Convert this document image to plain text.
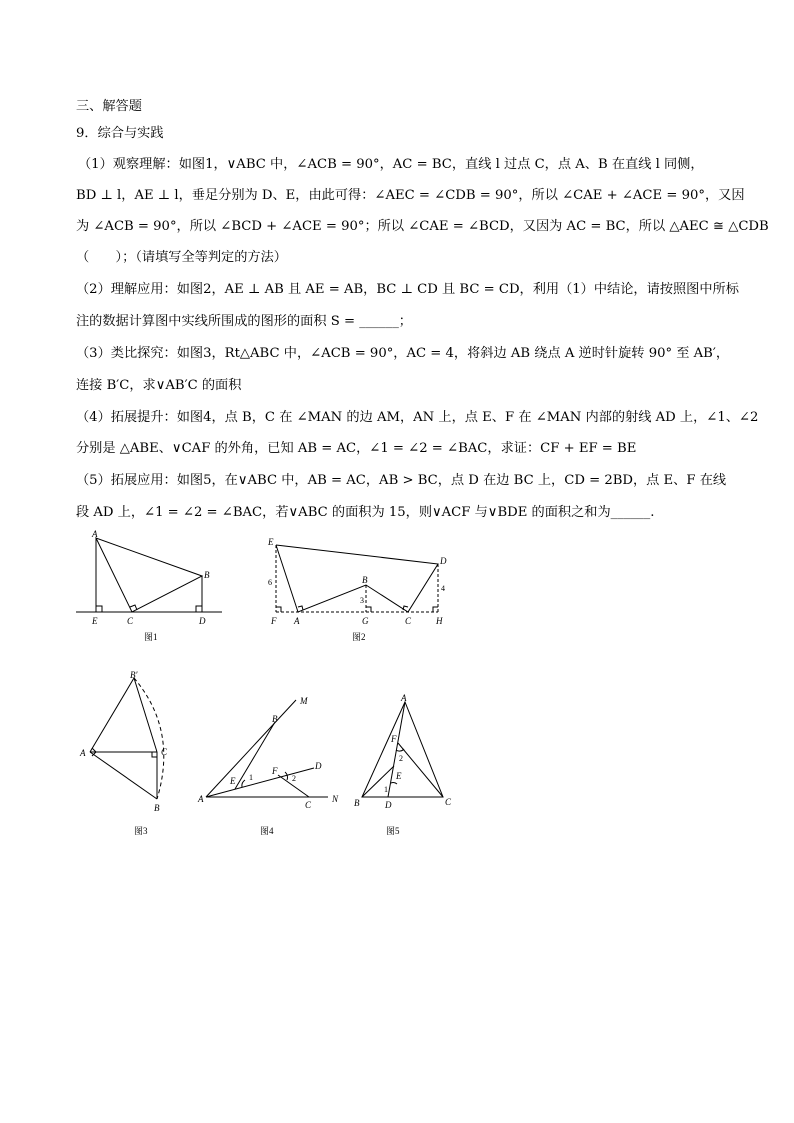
三、解答题
9．综合与实践
（1）观察理解：如图1，∨ABC 中，∠ACB = 90°，AC = BC，直线 l 过点 C，点 A、B 在直线 l 同侧，
BD ⊥ l，AE ⊥ l，垂足分别为 D、E，由此可得：∠AEC = ∠CDB = 90°，所以 ∠CAE + ∠ACE = 90°，又因
为 ∠ACB = 90°，所以 ∠BCD + ∠ACE = 90°；所以 ∠CAE = ∠BCD，又因为 AC = BC，所以 △AEC ≅ △CDB
（　　）；（请填写全等判定的方法）
（2）理解应用：如图2，AE ⊥ AB 且 AE = AB，BC ⊥ CD 且 BC = CD，利用（1）中结论，请按照图中所标
注的数据计算图中实线所围成的图形的面积 S = ______；
（3）类比探究：如图3，Rt△ABC 中，∠ACB = 90°，AC = 4，将斜边 AB 绕点 A 逆时针旋转 90° 至 AB′，
连接 B′C，求∨AB′C 的面积
（4）拓展提升：如图4，点 B，C 在 ∠MAN 的边 AM，AN 上，点 E、F 在 ∠MAN 内部的射线 AD 上，∠1、∠2
分别是 △ABE、∨CAF 的外角，已知 AB = AC，∠1 = ∠2 = ∠BAC，求证：CF + EF = BE
（5）拓展应用：如图5，在∨ABC 中，AB = AC，AB > BC，点 D 在边 BC 上，CD = 2BD，点 E、F 在线
段 AD 上，∠1 = ∠2 = ∠BAC，若∨ABC 的面积为 15，则∨ACF 与∨BDE 的面积之和为______.
A
B
C	D
E
图1
E
D
B
F A	G	C	H
6
3
4
图2
B′
A	C
B
图3
M
B
D
F
E 1	2
A
C
N
图4
A
F
2
E
1
B	D	C
图5
